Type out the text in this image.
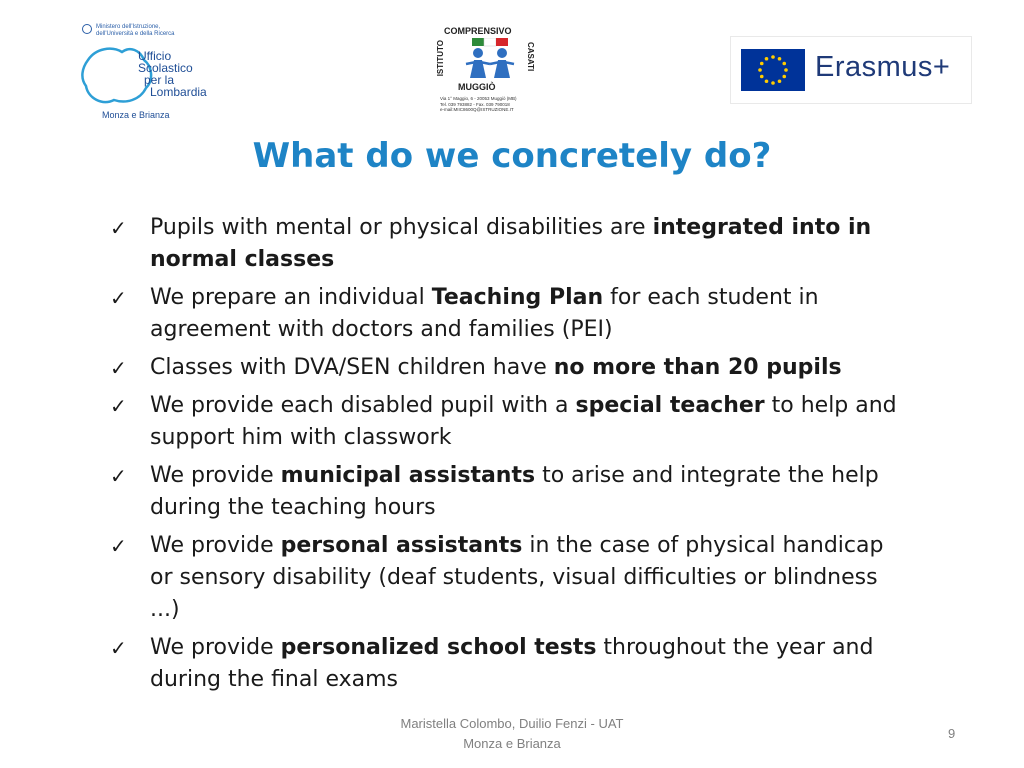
Ministero dell'Istruzione,
dell'Università e della Ricerca
Ufficio
Scolastico
per la
Lombardia
Monza e Brianza
COMPRENSIVO
ISTITUTO	CASATI
MUGGIÒ
Via 1° Maggio, 6 - 20053 Muggiò (MB)
Tel. 039 793882 - Fax. 039 790018
e-mail:MIIC8600Q@ISTRUZIONE.IT
Erasmus+
What do we concretely do?
✓ Pupils with mental or physical disabilities are integrated into in normal classes
✓ We prepare an individual Teaching Plan for each student in agreement with doctors and families (PEI)
✓ Classes with DVA/SEN children have no more than 20 pupils
✓ We provide each disabled pupil with a special teacher to help and support him with classwork
✓ We provide municipal assistants to arise and integrate the help during the teaching hours
✓ We provide personal assistants in the case of physical handicap or sensory disability (deaf students, visual difficulties or blindness ...)
✓ We provide personalized school tests throughout the year and during the final exams
Maristella Colombo, Duilio Fenzi - UAT
Monza e Brianza
9
